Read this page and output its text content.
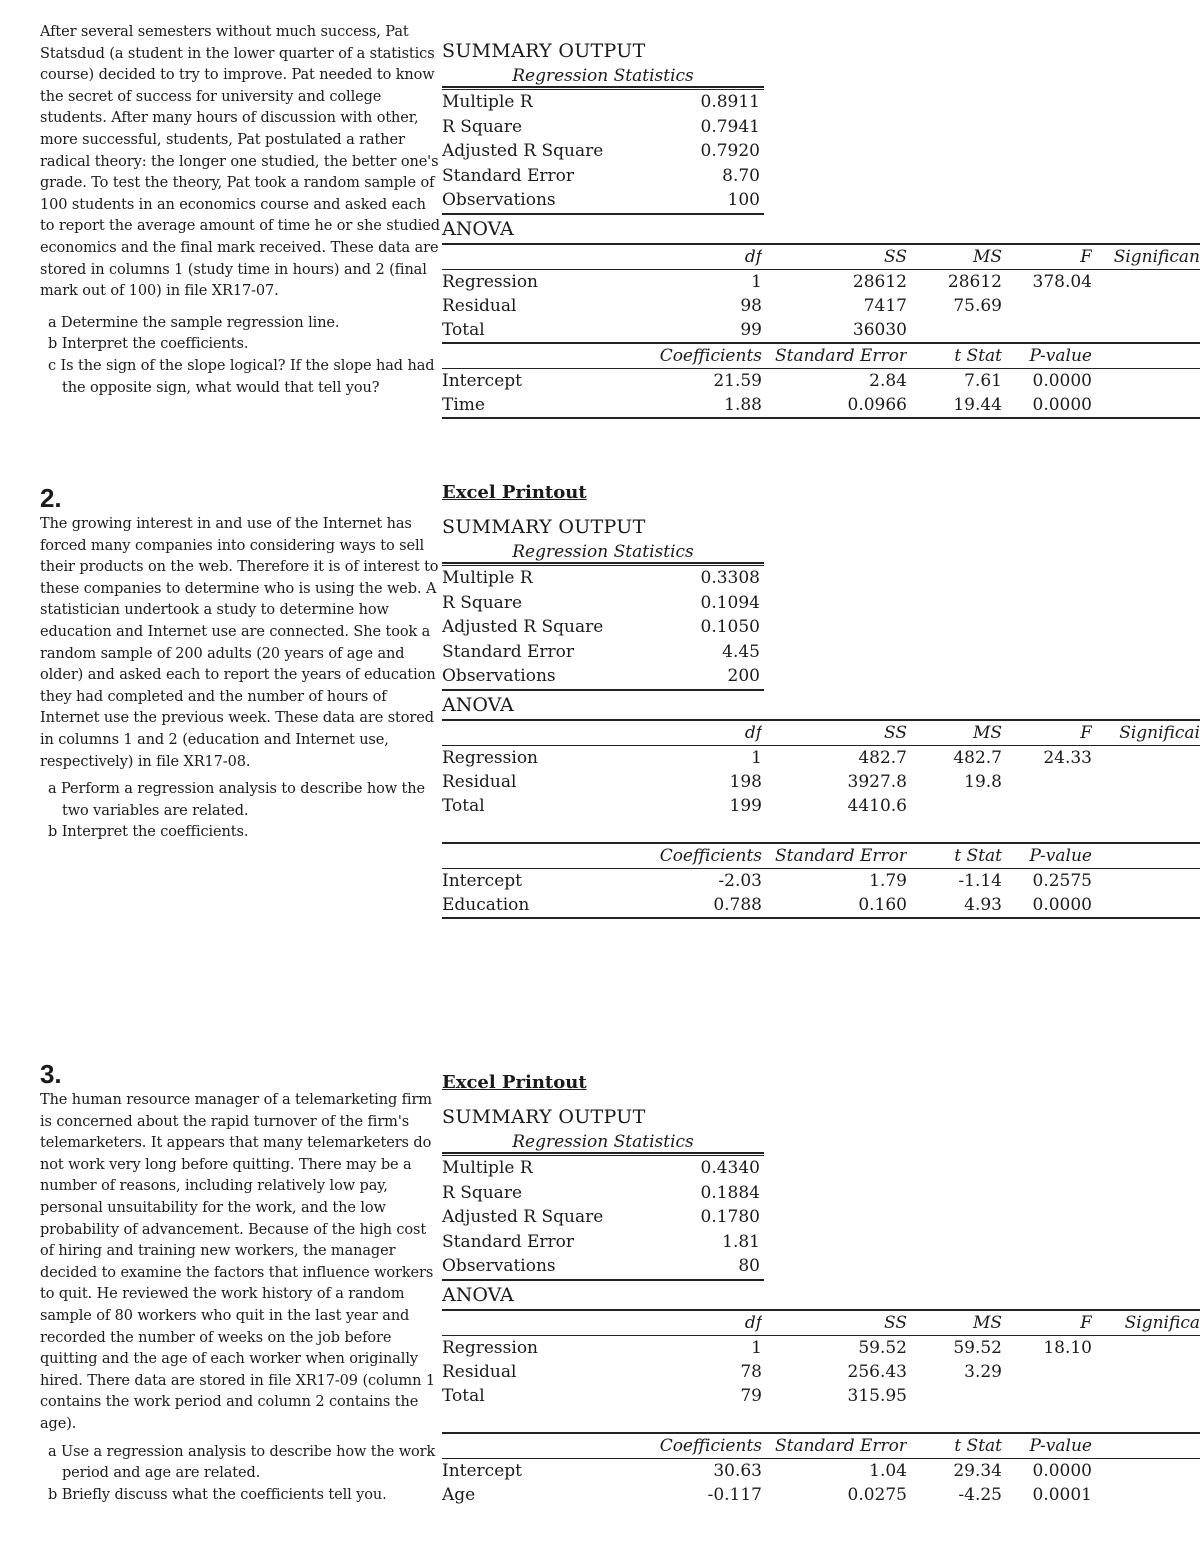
After several semesters without much success, Pat Statsdud (a student in the lower quarter of a statistics course) decided to try to improve. Pat needed to know the secret of success for university and college students. After many hours of discussion with other, more successful, students, Pat postulated a rather radical theory: the longer one studied, the better one's grade. To test the theory, Pat took a random sample of 100 students in an economics course and asked each to report the average amount of time he or she studied economics and the final mark received. These data are stored in columns 1 (study time in hours) and 2 (final mark out of 100) in file XR17-07.

a Determine the sample regression line.
b Interpret the coefficients.
c Is the sign of the slope logical? If the slope had had the opposite sign, what would that tell you?
2.

The growing interest in and use of the Internet has forced many companies into considering ways to sell their products on the web. Therefore it is of interest to these companies to determine who is using the web. A statistician undertook a study to determine how education and Internet use are connected. She took a random sample of 200 adults (20 years of age and older) and asked each to report the years of education they had completed and the number of hours of Internet use the previous week. These data are stored in columns 1 and 2 (education and Internet use, respectively) in file XR17-08.

a Perform a regression analysis to describe how the two variables are related.
b Interpret the coefficients.
3.

The human resource manager of a telemarketing firm is concerned about the rapid turnover of the firm's telemarketers. It appears that many telemarketers do not work very long before quitting. There may be a number of reasons, including relatively low pay, personal unsuitability for the work, and the low probability of advancement. Because of the high cost of hiring and training new workers, the manager decided to examine the factors that influence workers to quit. He reviewed the work history of a random sample of 80 workers who quit in the last year and recorded the number of weeks on the job before quitting and the age of each worker when originally hired. There data are stored in file XR17-09 (column 1 contains the work period and column 2 contains the age).

a Use a regression analysis to describe how the work period and age are related.
b Briefly discuss what the coefficients tell you.
SUMMARY OUTPUT
Regression Statistics

Multiple R	0.8911
R Square	0.7941
Adjusted R Square	0.7920
Standard Error	8.70
Observations	100
ANOVA
	df	SS	MS	F	Significan
Regression	1	28612	28612	378.04	
Residual	98	7417	75.69		
Total	99	36030			
	Coefficients	Standard Error	t Stat	P-value	
Intercept	21.59	2.84	7.61	0.0000	
Time	1.88	0.0966	19.44	0.0000	
Excel Printout
SUMMARY OUTPUT
Regression Statistics

Multiple R	0.3308
R Square	0.1094
Adjusted R Square	0.1050
Standard Error	4.45
Observations	200
ANOVA
	df	SS	MS	F	Significai
Regression	1	482.7	482.7	24.33	
Residual	198	3927.8	19.8		
Total	199	4410.6			

	Coefficients	Standard Error	t Stat	P-value	
Intercept	-2.03	1.79	-1.14	0.2575	
Education	0.788	0.160	4.93	0.0000	
Excel Printout
SUMMARY OUTPUT
Regression Statistics

Multiple R	0.4340
R Square	0.1884
Adjusted R Square	0.1780
Standard Error	1.81
Observations	80
ANOVA
	df	SS	MS	F	Significa
Regression	1	59.52	59.52	18.10	
Residual	78	256.43	3.29		
Total	79	315.95			

	Coefficients	Standard Error	t Stat	P-value	
Intercept	30.63	1.04	29.34	0.0000	
Age	-0.117	0.0275	-4.25	0.0001	
